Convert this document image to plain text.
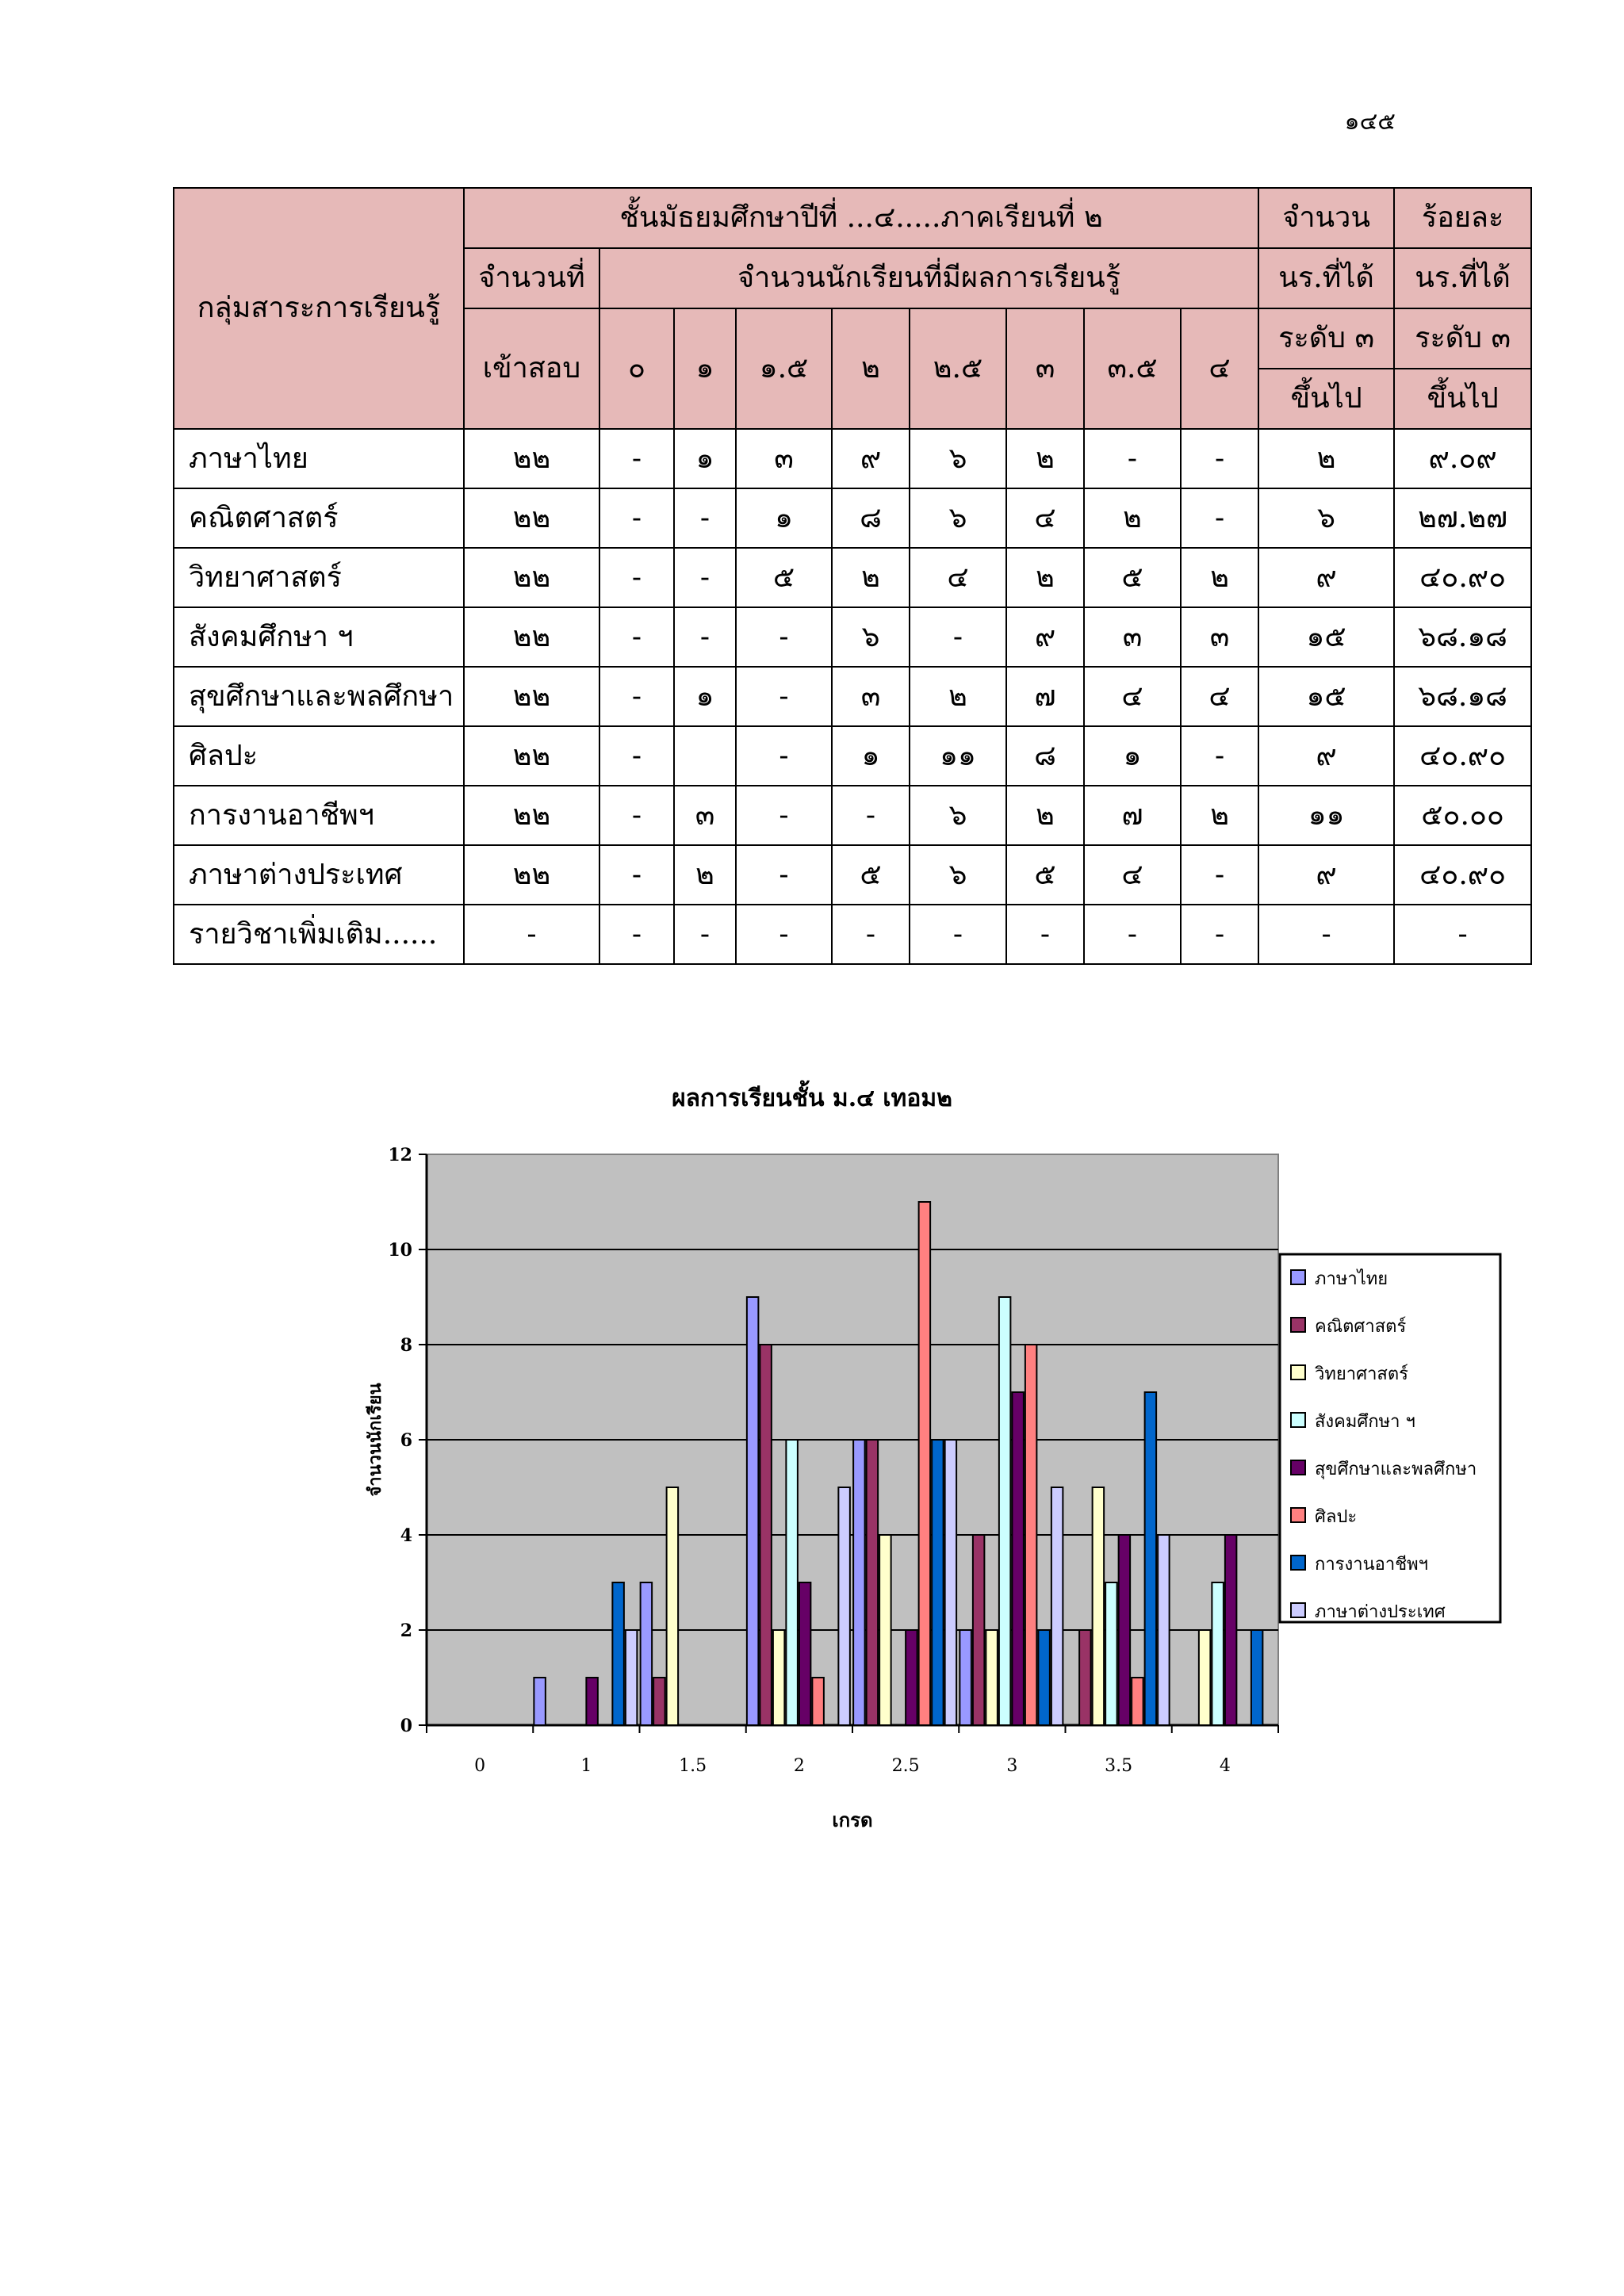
๑๔๕
กลุ่มสาระการเรียนรู้	ชั้นมัธยมศึกษาปีที่ ...๔.....ภาคเรียนที่ ๒									จำนวน	ร้อยละ
	จำนวนที่	จำนวนนักเรียนที่มีผลการเรียนรู้								นร.ที่ได้	นร.ที่ได้
	เข้าสอบ	๐	๑	๑.๕	๒	๒.๕	๓	๓.๕	๔	ระดับ ๓	ระดับ ๓
										ขึ้นไป	ขึ้นไป
ภาษาไทย	๒๒	-	๑	๓	๙	๖	๒	-	-	๒	๙.๐๙
คณิตศาสตร์	๒๒	-	-	๑	๘	๖	๔	๒	-	๖	๒๗.๒๗
วิทยาศาสตร์	๒๒	-	-	๕	๒	๔	๒	๕	๒	๙	๔๐.๙๐
สังคมศึกษา ฯ	๒๒	-	-	-	๖	-	๙	๓	๓	๑๕	๖๘.๑๘
สุขศึกษาและพลศึกษา	๒๒	-	๑	-	๓	๒	๗	๔	๔	๑๕	๖๘.๑๘
ศิลปะ	๒๒	-		-	๑	๑๑	๘	๑	-	๙	๔๐.๙๐
การงานอาชีพฯ	๒๒	-	๓	-	-	๖	๒	๗	๒	๑๑	๕๐.๐๐
ภาษาต่างประเทศ	๒๒	-	๒	-	๕	๖	๕	๔	-	๙	๔๐.๙๐
รายวิชาเพิ่มเติม......	-	-	-	-	-	-	-	-	-	-	-
ผลการเรียนชั้น ม.๔ เทอม๒
0
2
4
6
8
10
12
0	1	1.5	2	2.5	3	3.5	4
เกรด
จำนวนนักเรียน
ภาษาไทย
คณิตศาสตร์
วิทยาศาสตร์
สังคมศึกษา ฯ
สุขศึกษาและพลศึกษา
ศิลปะ
การงานอาชีพฯ
ภาษาต่างประเทศ
